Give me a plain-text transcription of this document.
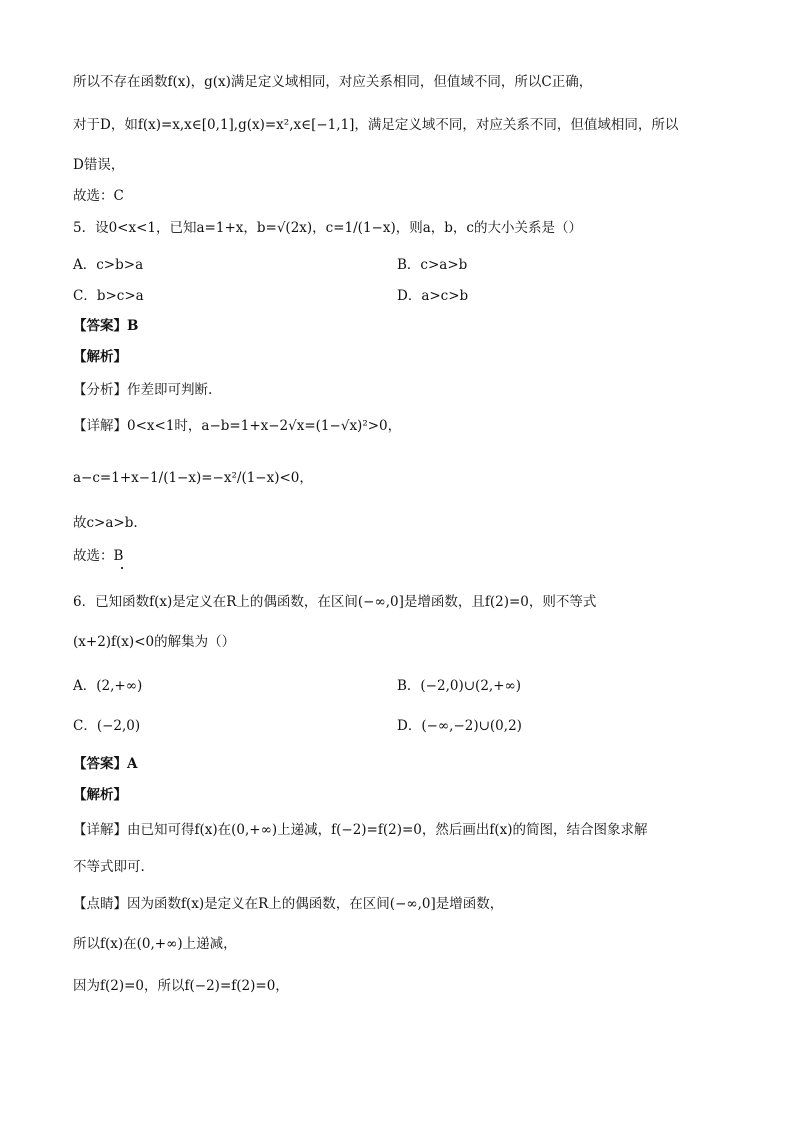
所以不存在函数f(x)，g(x)满足定义域相同，对应关系相同，但值域不同，所以C正确，
对于D，如f(x)=x,x∈[0,1],g(x)=x²,x∈[−1,1]，满足定义域不同，对应关系不同，但值域相同，所以
D错误，
故选：C
5．设0<x<1，已知a=1+x，b=√(2x)，c=1/(1−x)，则a，b，c的大小关系是（）
A．c>b>a	B．c>a>b
C．b>c>a	D．a>c>b
【答案】B
【解析】
【分析】作差即可判断.
【详解】0<x<1时，a−b=1+x−2√x=(1−√x)²>0，
a−c=1+x−1/(1−x)=−x²/(1−x)<0，
故c>a>b.
故选：B
6．已知函数f(x)是定义在R上的偶函数，在区间(−∞,0]是增函数，且f(2)=0，则不等式
(x+2)f(x)<0的解集为（）
A．(2,+∞)	B．(−2,0)∪(2,+∞)
C．(−2,0)	D．(−∞,−2)∪(0,2)
【答案】A
【解析】
【详解】由已知可得f(x)在(0,+∞)上递减，f(−2)=f(2)=0，然后画出f(x)的简图，结合图象求解
不等式即可.
【点睛】因为函数f(x)是定义在R上的偶函数，在区间(−∞,0]是增函数，
所以f(x)在(0,+∞)上递减，
因为f(2)=0，所以f(−2)=f(2)=0，
